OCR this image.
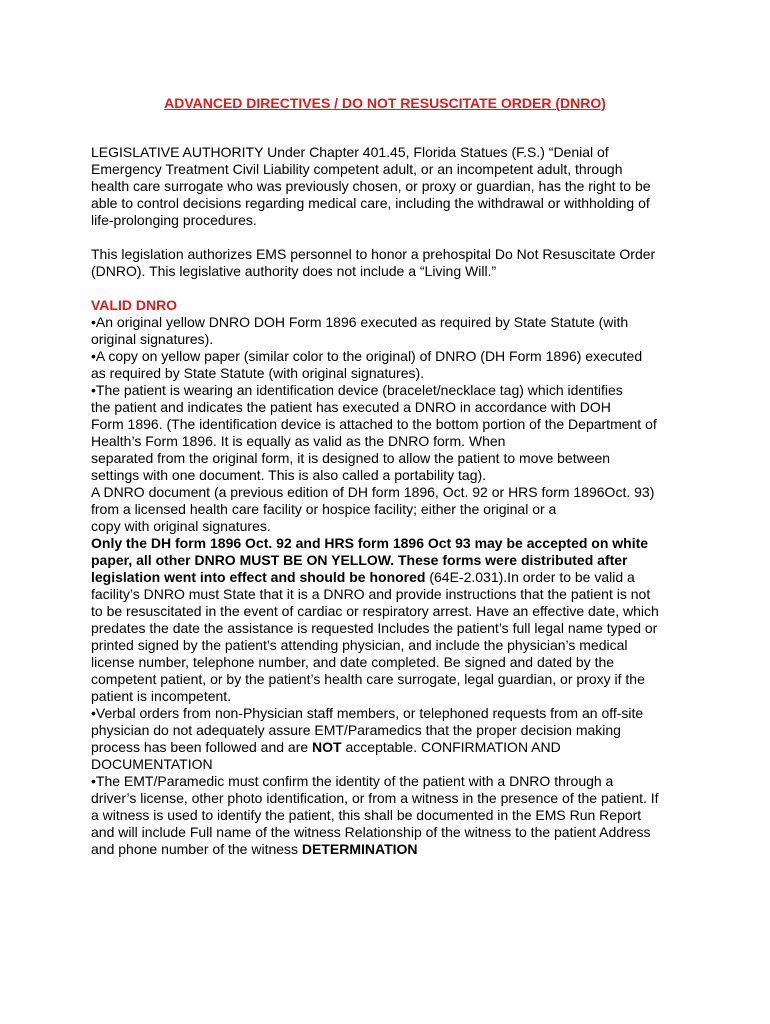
ADVANCED DIRECTIVES / DO NOT RESUSCITATE ORDER (DNRO)
LEGISLATIVE AUTHORITY Under Chapter 401.45, Florida Statues (F.S.) “Denial of
Emergency Treatment Civil Liability competent adult, or an incompetent adult, through
health care surrogate who was previously chosen, or proxy or guardian, has the right to be
able to control decisions regarding medical care, including the withdrawal or withholding of
life-prolonging procedures.
This legislation authorizes EMS personnel to honor a prehospital Do Not Resuscitate Order
(DNRO). This legislative authority does not include a “Living Will.”
VALID DNRO
•An original yellow DNRO DOH Form 1896 executed as required by State Statute (with
original signatures).
•A copy on yellow paper (similar color to the original) of DNRO (DH Form 1896) executed
as required by State Statute (with original signatures).
•The patient is wearing an identification device (bracelet/necklace tag) which identifies
the patient and indicates the patient has executed a DNRO in accordance with DOH
Form 1896. (The identification device is attached to the bottom portion of the Department of
Health’s Form 1896. It is equally as valid as the DNRO form. When
separated from the original form, it is designed to allow the patient to move between
settings with one document. This is also called a portability tag).
A DNRO document (a previous edition of DH form 1896, Oct. 92 or HRS form 1896Oct. 93)
from a licensed health care facility or hospice facility; either the original or a
copy with original signatures.
Only the DH form 1896 Oct. 92 and HRS form 1896 Oct 93 may be accepted on white
paper, all other DNRO MUST BE ON YELLOW. These forms were distributed after
legislation went into effect and should be honored (64E-2.031).In order to be valid a
facility’s DNRO must State that it is a DNRO and provide instructions that the patient is not
to be resuscitated in the event of cardiac or respiratory arrest. Have an effective date, which
predates the date the assistance is requested Includes the patient’s full legal name typed or
printed signed by the patient’s attending physician, and include the physician’s medical
license number, telephone number, and date completed. Be signed and dated by the
competent patient, or by the patient’s health care surrogate, legal guardian, or proxy if the
patient is incompetent.
•Verbal orders from non-Physician staff members, or telephoned requests from an off-site
physician do not adequately assure EMT/Paramedics that the proper decision making
process has been followed and are NOT acceptable. CONFIRMATION AND
DOCUMENTATION
•The EMT/Paramedic must confirm the identity of the patient with a DNRO through a
driver’s license, other photo identification, or from a witness in the presence of the patient. If
a witness is used to identify the patient, this shall be documented in the EMS Run Report
and will include Full name of the witness Relationship of the witness to the patient Address
and phone number of the witness DETERMINATION
